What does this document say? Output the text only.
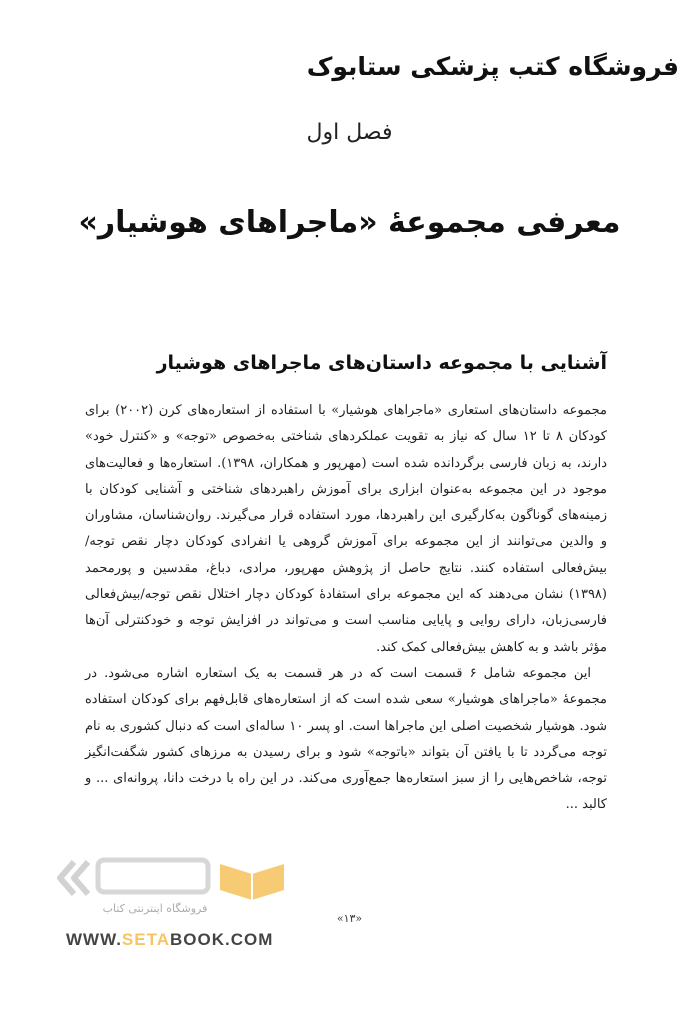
فروشگاه کتب پزشکی ستابوک
فصل اول
معرفی مجموعهٔ «ماجراهای هوشیار»
آشنایی با مجموعه داستان‌های ماجراهای هوشیار

مجموعه داستان‌های استعاری «ماجراهای هوشیار» با استفاده از استعاره‌های کرن (۲۰۰۲) برای کودکان ۸ تا ۱۲ سال که نیاز به تقویت عملکردهای شناختی به‌خصوص «توجه» و «کنترل خود» دارند، به زبان فارسی برگردانده شده است (مهرپور و همکاران، ۱۳۹۸). استعاره‌ها و فعالیت‌های موجود در این مجموعه به‌عنوان ابزاری برای آموزش راهبردهای شناختی و آشنایی کودکان با زمینه‌های گوناگون به‌کارگیری این راهبردها، مورد استفاده قرار می‌گیرند. روان‌شناسان، مشاوران و والدین می‌توانند از این مجموعه برای آموزش گروهی یا انفرادی کودکان دچار نقص توجه/بیش‌فعالی استفاده کنند. نتایج حاصل از پژوهش مهرپور، مرادی، دباغ، مقدسین و پورمحمد (۱۳۹۸) نشان می‌دهند که این مجموعه برای استفادهٔ کودکان دچار اختلال نقص توجه/بیش‌فعالی فارسی‌زبان، دارای روایی و پایایی مناسب است و می‌تواند در افزایش توجه و خودکنترلی آن‌ها مؤثر باشد و به کاهش بیش‌فعالی کمک کند.

این مجموعه شامل ۶ قسمت است که در هر قسمت به یک استعاره اشاره می‌شود. در مجموعهٔ «ماجراهای هوشیار» سعی شده است که از استعاره‌های قابل‌فهم برای کودکان استفاده شود. هوشیار شخصیت اصلی این ماجراها است. او پسر ۱۰ ساله‌ای است که دنبال کشوری به نام توجه می‌گردد تا با یافتن آن بتواند «باتوجه» شود و برای رسیدن به مرزهای کشور شگفت‌انگیز توجه، شاخص‌هایی را از سبز استعاره‌ها جمع‌آوری می‌کند. در این راه با درخت دانا، پروانه‌ای ... و کالبد ...

«۱۳»
فروشگاه اینترنتی کتاب
WWW.SETABOOK.COM
